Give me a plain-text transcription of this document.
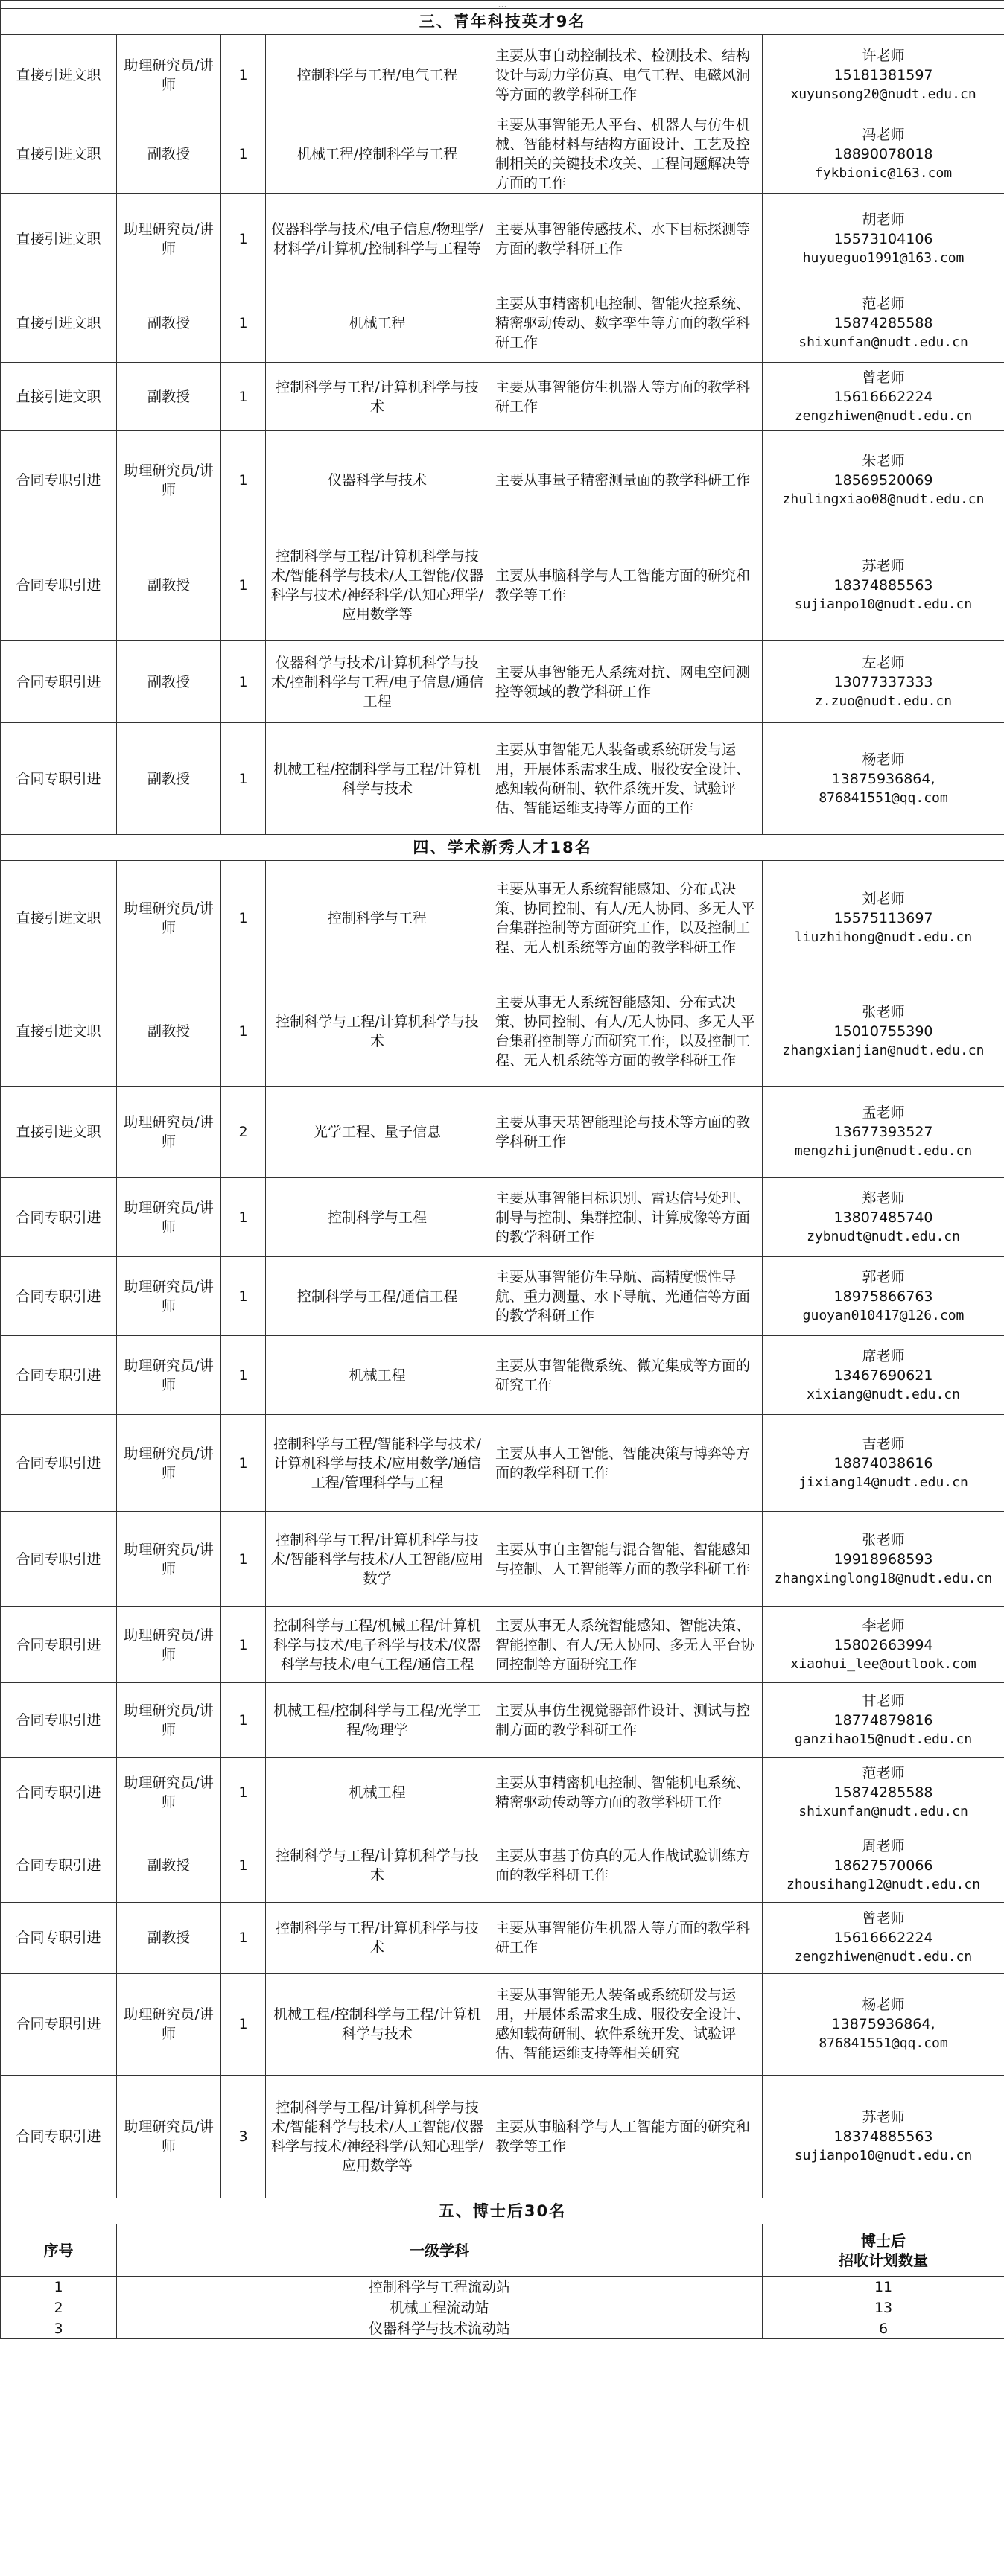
…					

三、青年科技英才9名					
直接引进文职	助理研究员/讲师	1	控制科学与工程/电气工程	主要从事自动控制技术、检测技术、结构设计与动力学仿真、电气工程、电磁风洞等方面的教学科研工作	许老师
15181381597
xuyunsong20@nudt.edu.cn

直接引进文职	副教授	1	机械工程/控制科学与工程	主要从事智能无人平台、机器人与仿生机械、智能材料与结构方面设计、工艺及控制相关的关键技术攻关、工程问题解决等方面的工作	冯老师
18890078018
fykbionic@163.com

直接引进文职	助理研究员/讲师	1	仪器科学与技术/电子信息/物理学/材料学/计算机/控制科学与工程等	主要从事智能传感技术、水下目标探测等方面的教学科研工作	胡老师
15573104106
huyueguo1991@163.com

直接引进文职	副教授	1	机械工程	主要从事精密机电控制、智能火控系统、精密驱动传动、数字孪生等方面的教学科研工作	范老师
15874285588
shixunfan@nudt.edu.cn

直接引进文职	副教授	1	控制科学与工程/计算机科学与技术	主要从事智能仿生机器人等方面的教学科研工作	曾老师
15616662224
zengzhiwen@nudt.edu.cn

合同专职引进	助理研究员/讲师	1	仪器科学与技术	主要从事量子精密测量面的教学科研工作	朱老师
18569520069
zhulingxiao08@nudt.edu.cn

合同专职引进	副教授	1	控制科学与工程/计算机科学与技术/智能科学与技术/人工智能/仪器科学与技术/神经科学/认知心理学/应用数学等	主要从事脑科学与人工智能方面的研究和教学等工作	苏老师
18374885563
sujianpo10@nudt.edu.cn

合同专职引进	副教授	1	仪器科学与技术/计算机科学与技术/控制科学与工程/电子信息/通信工程	主要从事智能无人系统对抗、网电空间测控等领域的教学科研工作	左老师
13077337333
z.zuo@nudt.edu.cn

合同专职引进	副教授	1	机械工程/控制科学与工程/计算机科学与技术	主要从事智能无人装备或系统研发与运用，开展体系需求生成、服役安全设计、感知载荷研制、软件系统开发、试验评估、智能运维支持等方面的工作	杨老师
13875936864,
876841551@qq.com

四、学术新秀人才18名					
直接引进文职	助理研究员/讲师	1	控制科学与工程	主要从事无人系统智能感知、分布式决策、协同控制、有人/无人协同、多无人平台集群控制等方面研究工作，以及控制工程、无人机系统等方面的教学科研工作	刘老师
15575113697
liuzhihong@nudt.edu.cn

直接引进文职	副教授	1	控制科学与工程/计算机科学与技术	主要从事无人系统智能感知、分布式决策、协同控制、有人/无人协同、多无人平台集群控制等方面研究工作，以及控制工程、无人机系统等方面的教学科研工作	张老师
15010755390
zhangxianjian@nudt.edu.cn

直接引进文职	助理研究员/讲师	2	光学工程、量子信息	主要从事天基智能理论与技术等方面的教学科研工作	孟老师
13677393527
mengzhijun@nudt.edu.cn

合同专职引进	助理研究员/讲师	1	控制科学与工程	主要从事智能目标识别、雷达信号处理、制导与控制、集群控制、计算成像等方面的教学科研工作	郑老师
13807485740
zybnudt@nudt.edu.cn

合同专职引进	助理研究员/讲师	1	控制科学与工程/通信工程	主要从事智能仿生导航、高精度惯性导航、重力测量、水下导航、光通信等方面的教学科研工作	郭老师
18975866763
guoyan010417@126.com

合同专职引进	助理研究员/讲师	1	机械工程	主要从事智能微系统、微光集成等方面的研究工作	席老师
13467690621
xixiang@nudt.edu.cn

合同专职引进	助理研究员/讲师	1	控制科学与工程/智能科学与技术/计算机科学与技术/应用数学/通信工程/管理科学与工程	主要从事人工智能、智能决策与博弈等方面的教学科研工作	吉老师
18874038616
jixiang14@nudt.edu.cn

合同专职引进	助理研究员/讲师	1	控制科学与工程/计算机科学与技术/智能科学与技术/人工智能/应用数学	主要从事自主智能与混合智能、智能感知与控制、人工智能等方面的教学科研工作	张老师
19918968593
zhangxinglong18@nudt.edu.cn

合同专职引进	助理研究员/讲师	1	控制科学与工程/机械工程/计算机科学与技术/电子科学与技术/仪器科学与技术/电气工程/通信工程	主要从事无人系统智能感知、智能决策、智能控制、有人/无人协同、多无人平台协同控制等方面研究工作	李老师
15802663994
xiaohui_lee@outlook.com

合同专职引进	助理研究员/讲师	1	机械工程/控制科学与工程/光学工程/物理学	主要从事仿生视觉器部件设计、测试与控制方面的教学科研工作	甘老师
18774879816
ganzihao15@nudt.edu.cn

合同专职引进	助理研究员/讲师	1	机械工程	主要从事精密机电控制、智能机电系统、精密驱动传动等方面的教学科研工作	范老师
15874285588
shixunfan@nudt.edu.cn

合同专职引进	副教授	1	控制科学与工程/计算机科学与技术	主要从事基于仿真的无人作战试验训练方面的教学科研工作	周老师
18627570066
zhousihang12@nudt.edu.cn

合同专职引进	副教授	1	控制科学与工程/计算机科学与技术	主要从事智能仿生机器人等方面的教学科研工作	曾老师
15616662224
zengzhiwen@nudt.edu.cn

合同专职引进	助理研究员/讲师	1	机械工程/控制科学与工程/计算机科学与技术	主要从事智能无人装备或系统研发与运用，开展体系需求生成、服役安全设计、感知载荷研制、软件系统开发、试验评估、智能运维支持等相关研究	杨老师
13875936864,
876841551@qq.com

合同专职引进	助理研究员/讲师	3	控制科学与工程/计算机科学与技术/智能科学与技术/人工智能/仪器科学与技术/神经科学/认知心理学/应用数学等	主要从事脑科学与人工智能方面的研究和教学等工作	苏老师
18374885563
sujianpo10@nudt.edu.cn

五、博士后30名					
序号	一级学科				博士后
招收计划数量

1	控制科学与工程流动站				11
2	机械工程流动站				13
3	仪器科学与技术流动站				6
